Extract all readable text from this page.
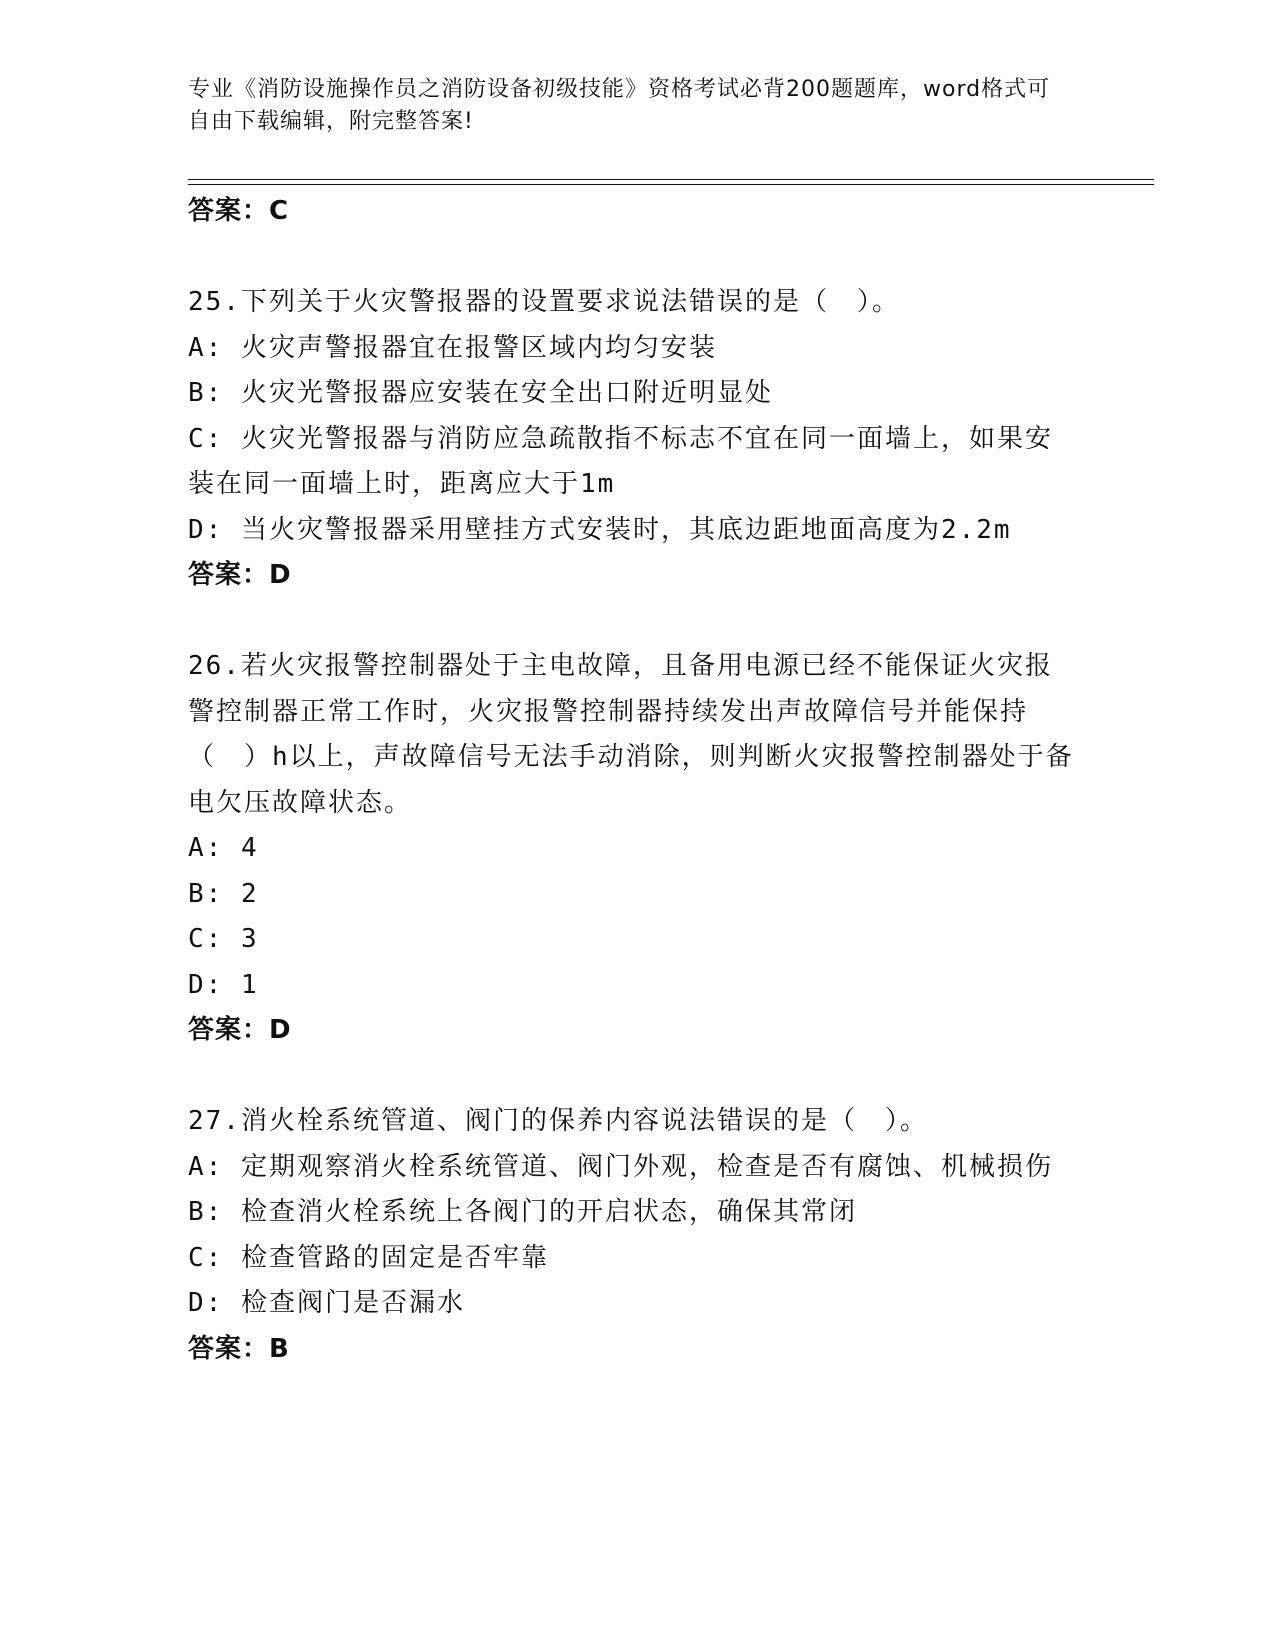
专业《消防设施操作员之消防设备初级技能》资格考试必背200题题库，word格式可自由下载编辑，附完整答案!
答案：C
25.下列关于火灾警报器的设置要求说法错误的是（　）。
A: 火灾声警报器宜在报警区域内均匀安装
B: 火灾光警报器应安装在安全出口附近明显处
C: 火灾光警报器与消防应急疏散指不标志不宜在同一面墙上，如果安装在同一面墙上时，距离应大于1m
D: 当火灾警报器采用壁挂方式安装时，其底边距地面高度为2.2m
答案：D
26.若火灾报警控制器处于主电故障，且备用电源已经不能保证火灾报警控制器正常工作时，火灾报警控制器持续发出声故障信号并能保持（　）h以上，声故障信号无法手动消除，则判断火灾报警控制器处于备电欠压故障状态。
A: 4
B: 2
C: 3
D: 1
答案：D
27.消火栓系统管道、阀门的保养内容说法错误的是（　）。
A: 定期观察消火栓系统管道、阀门外观，检查是否有腐蚀、机械损伤
B: 检查消火栓系统上各阀门的开启状态，确保其常闭
C: 检查管路的固定是否牢靠
D: 检查阀门是否漏水
答案：B
